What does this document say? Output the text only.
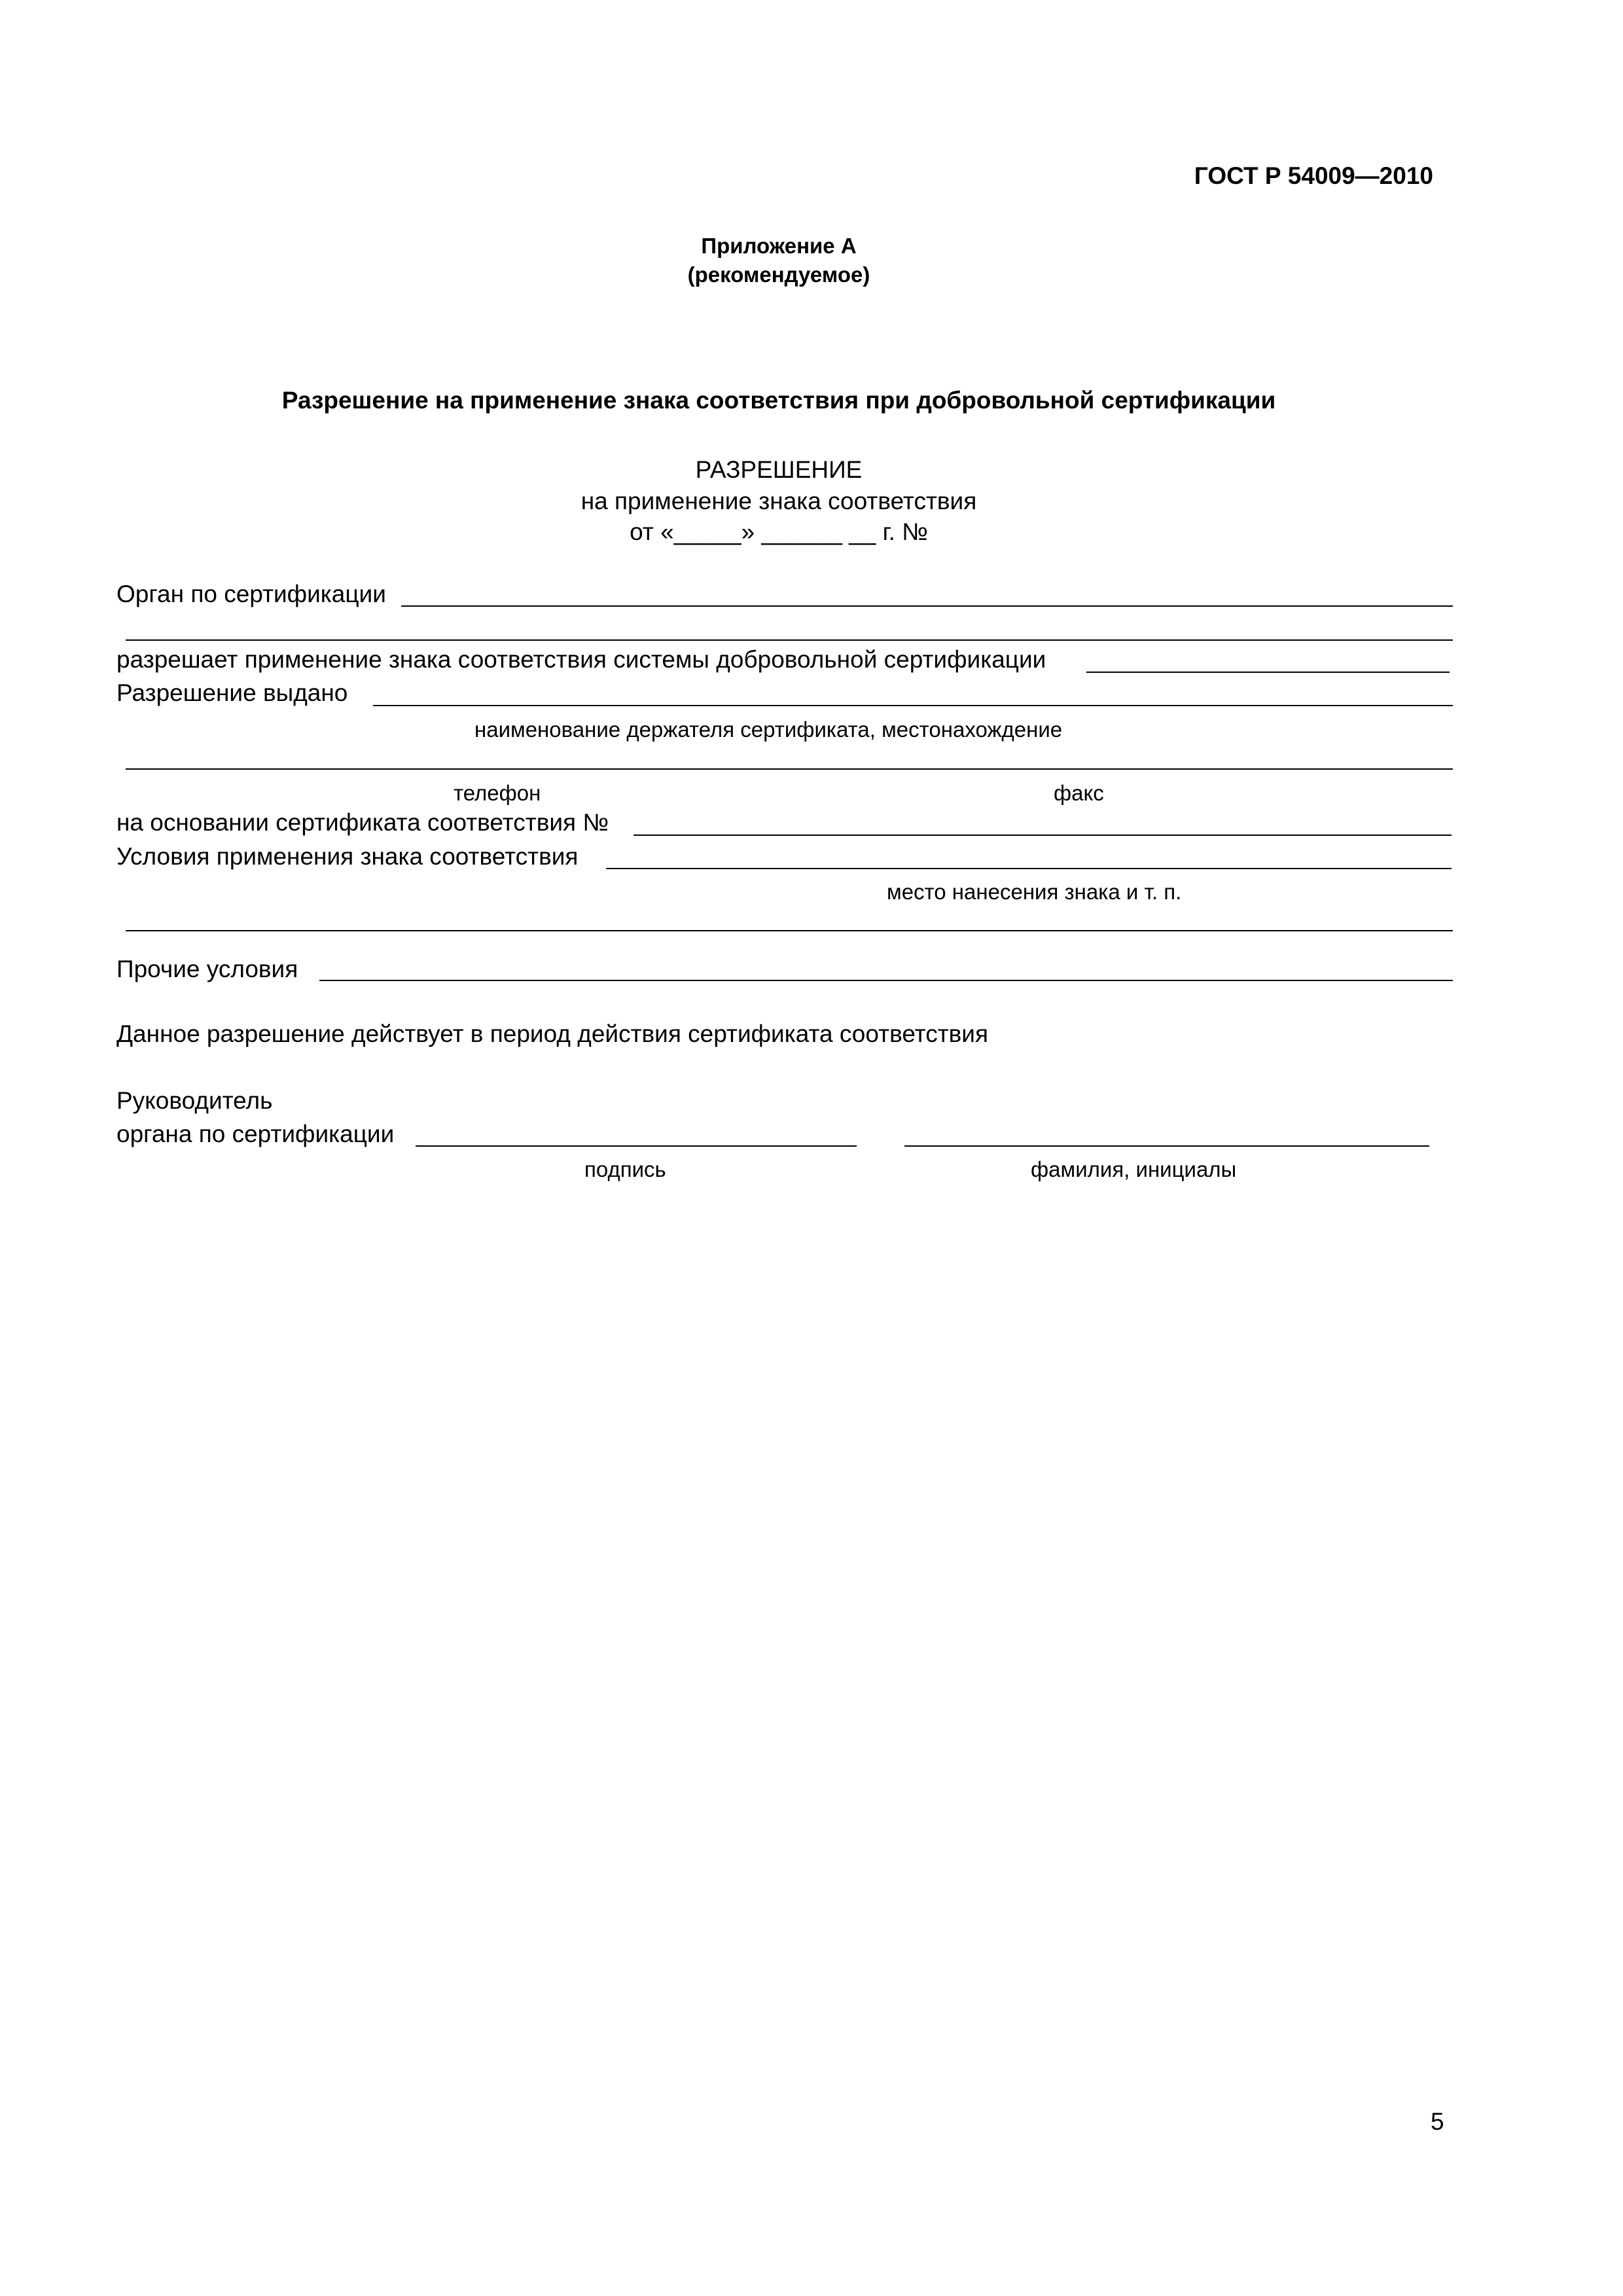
ГОСТ Р 54009—2010
Приложение А
(рекомендуемое)
Разрешение на применение знака соответствия при добровольной сертификации
РАЗРЕШЕНИЕ
на применение знака соответствия
от «_____» ______ __ г. №
Орган по сертификации
разрешает применение знака соответствия системы добровольной сертификации
Разрешение выдано
наименование держателя сертификата, местонахождение
телефон	факс
на основании сертификата соответствия №
Условия применения знака соответствия
место нанесения знака и т. п.
Прочие условия
Данное разрешение действует в период действия сертификата соответствия
Руководитель
органа по сертификации
подпись	фамилия, инициалы
5
